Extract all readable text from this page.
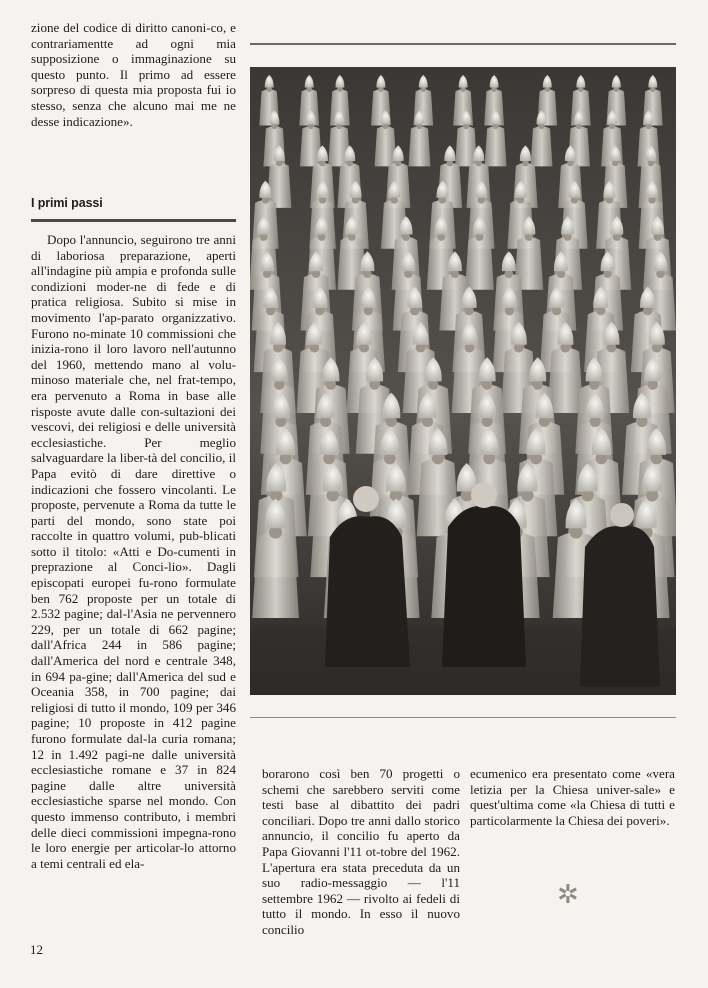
zione del codice di diritto canoni-co, e contrariamentte ad ogni mia supposizione o immaginazione su questo punto. Il primo ad essere sorpreso di questa mia proposta fui io stesso, senza che alcuno mai me ne desse indicazione».
I primi passi
Dopo l'annuncio, seguirono tre anni di laboriosa preparazione, aperti all'indagine più ampia e profonda sulle condizioni moder-ne di fede e di pratica religiosa. Subito si mise in movimento l'ap-parato organizzativo. Furono no-minate 10 commissioni che inizia-rono il loro lavoro nell'autunno del 1960, mettendo mano al volu-minoso materiale che, nel frat-tempo, era pervenuto a Roma in base alle risposte avute dalle con-sultazioni dei vescovi, dei religiosi e delle università ecclesiastiche. Per meglio salvaguardare la liber-tà del concilio, il Papa evitò di dare direttive o indicazioni che fossero vincolanti. Le proposte, pervenute a Roma da tutte le parti del mondo, sono state poi raccolte in quattro volumi, pub-blicati sotto il titolo: «Atti e Do-cumenti in preprazione al Conci-lio». Dagli episcopati europei fu-rono formulate ben 762 proposte per un totale di 2.532 pagine; dal-l'Asia ne pervennero 229, per un totale di 662 pagine; dall'Africa 244 in 586 pagine; dall'America del nord e centrale 348, in 694 pa-gine; dall'America del sud e Oceania 358, in 700 pagine; dai religiosi di tutto il mondo, 109 per 346 pagine; 10 proposte in 412 pagine furono formulate dal-la curia romana; 12 in 1.492 pagi-ne dalle università ecclesiastiche romane e 37 in 824 pagine dalle altre università ecclesiastiche sparse nel mondo. Con questo immenso contributo, i membri delle dieci commissioni impegna-rono le loro energie per articolar-lo attorno a temi centrali ed ela-
borarono così ben 70 progetti o schemi che sarebbero serviti come testi base al dibattito dei padri conciliari. Dopo tre anni dallo storico annuncio, il concilio fu aperto da Papa Giovanni l'11 ot-tobre del 1962. L'apertura era stata preceduta da un suo radio-messaggio — l'11 settembre 1962 — rivolto ai fedeli di tutto il mondo. In esso il nuovo concilio
ecumenico era presentato come «vera letizia per la Chiesa univer-sale» e quest'ultima come «la Chiesa di tutti e particolarmente la Chiesa dei poveri».
✲
12
